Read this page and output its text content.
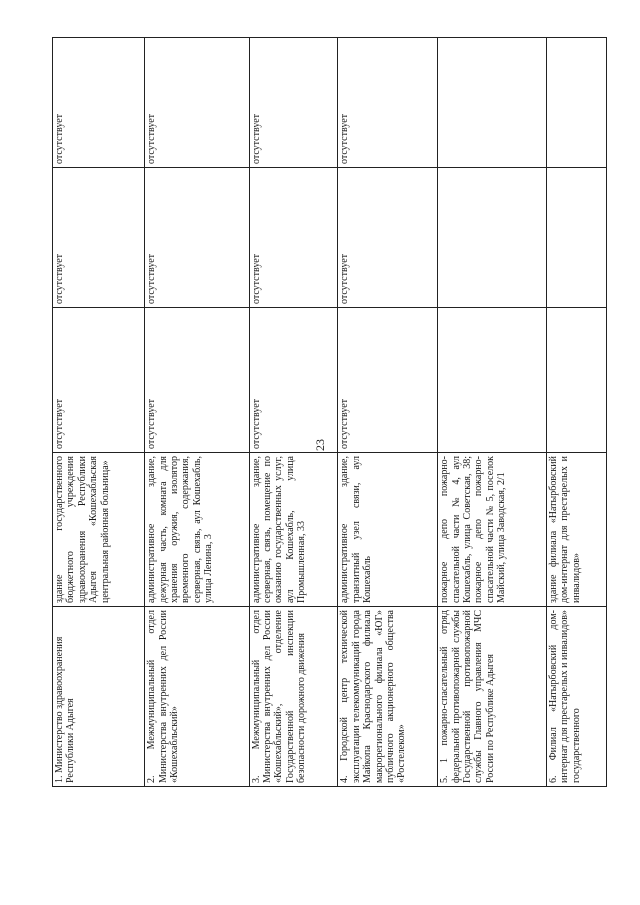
23
1. Министерство здравоохранения Республики Адыгея	здание государственного бюджетного учреждения здравоохранения Республики Адыгея «Кошехабльская центральная районная больница»	отсутствует	отсутствует	отсутствует
2. Межмуниципальный отдел Министерства внутренних дел России «Кошехабльский»	административное здание, дежурная часть, комната для хранения оружия, изолятор временного содержания, серверная, связь, аул Кошехабль, улица Ленина, 3	отсутствует	отсутствует	отсутствует
3. Межмуниципальный отдел Министерства внутренних дел России «Кошехабльский», отделение Государственной инспекции безопасности дорожного движения	административное здание, серверная, связь, помещение по оказанию государственных услуг, аул Кошехабль, улица Промышленная, 33	отсутствует	отсутствует	отсутствует
4. Городской центр технической эксплуатации телекоммуникаций города Майкопа Краснодарского филиала макрорегионального филиала «ЮГ» публичного акционерного общества «Ростелеком»	административное здание, транзитный узел связи, аул Кошехабль	отсутствует	отсутствует	отсутствует
5. 1 пожарно-спасательный отряд федеральной противопожарной службы Государственной противопожарной службы Главного управления МЧС России по Республике Адыгея	пожарное депо пожарно-спасательной части № 4, аул Кошехабль, улица Советская, 38; пожарное депо пожарно-спасательной части № 5, поселок Майский, улица Заводская, 2/1			
6. Филиал «Натырбовский дом-интернат для престарелых и инвалидов» государственного	здание филиала «Натырбовский дом-интернат для престарелых и инвалидов»			
